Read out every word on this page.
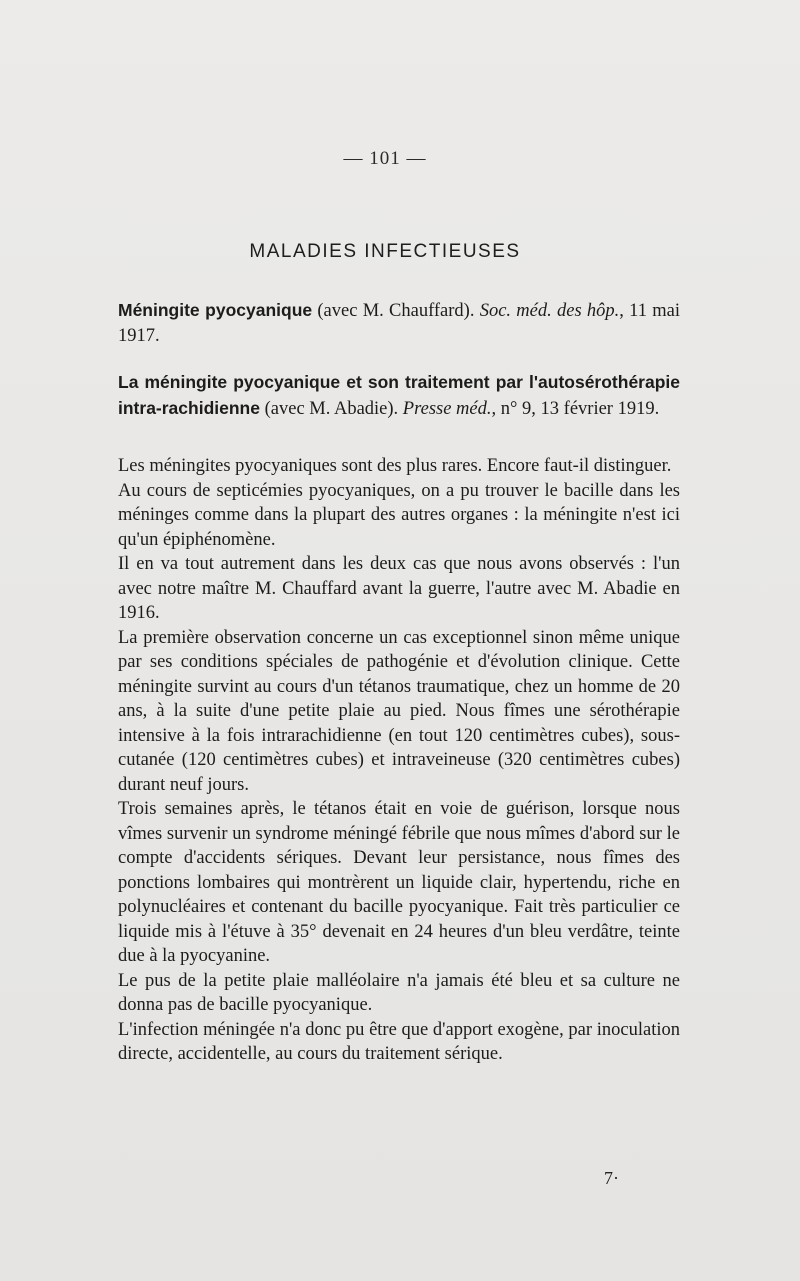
— 101 —
MALADIES INFECTIEUSES
Méningite pyocyanique (avec M. Chauffard). Soc. méd. des hôp., 11 mai 1917.
La méningite pyocyanique et son traitement par l'autosérothérapie intra-rachidienne (avec M. Abadie). Presse méd., n° 9, 13 février 1919.

Les méningites pyocyaniques sont des plus rares. Encore faut-il distinguer.

Au cours de septicémies pyocyaniques, on a pu trouver le bacille dans les méninges comme dans la plupart des autres organes : la méningite n'est ici qu'un épiphénomène.

Il en va tout autrement dans les deux cas que nous avons observés : l'un avec notre maître M. Chauffard avant la guerre, l'autre avec M. Abadie en 1916.

La première observation concerne un cas exceptionnel sinon même unique par ses conditions spéciales de pathogénie et d'évolution clinique. Cette méningite survint au cours d'un tétanos traumatique, chez un homme de 20 ans, à la suite d'une petite plaie au pied. Nous fîmes une sérothérapie intensive à la fois intrarachidienne (en tout 120 centimètres cubes), sous-cutanée (120 centimètres cubes) et intraveineuse (320 centimètres cubes) durant neuf jours.

Trois semaines après, le tétanos était en voie de guérison, lorsque nous vîmes survenir un syndrome méningé fébrile que nous mîmes d'abord sur le compte d'accidents sériques. Devant leur persistance, nous fîmes des ponctions lombaires qui montrèrent un liquide clair, hypertendu, riche en polynucléaires et contenant du bacille pyocyanique. Fait très particulier ce liquide mis à l'étuve à 35° devenait en 24 heures d'un bleu verdâtre, teinte due à la pyocyanine.

Le pus de la petite plaie malléolaire n'a jamais été bleu et sa culture ne donna pas de bacille pyocyanique.

L'infection méningée n'a donc pu être que d'apport exogène, par inoculation directe, accidentelle, au cours du traitement sérique.

7·
